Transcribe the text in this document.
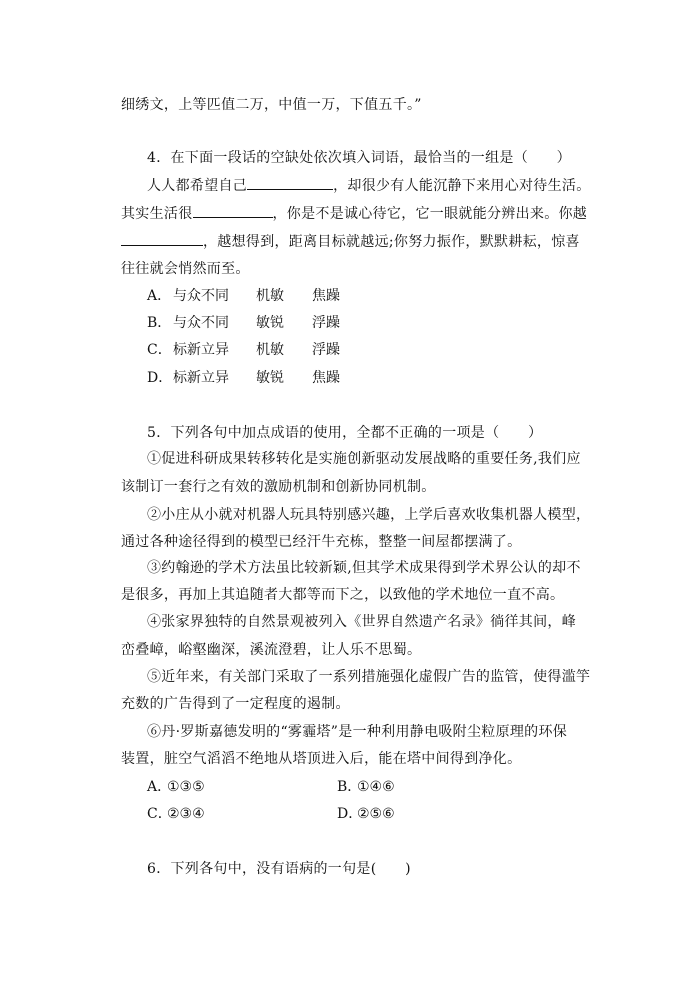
细绣文，上等匹值二万，中值一万，下值五千。”
4．在下面一段话的空缺处依次填入词语，最恰当的一组是（　　）
人人都希望自己	，却很少有人能沉静下来用心对待生活。
其实生活很	，你是不是诚心待它，它一眼就能分辨出来。你越
，越想得到，距离目标就越远;你努力振作，默默耕耘，惊喜
往往就会悄然而至。
A． 与众不同 机敏 焦躁
B． 与众不同 敏锐 浮躁
C．标新立异 机敏 浮躁
D．标新立异 敏锐 焦躁
5．下列各句中加点成语的使用，全都不正确的一项是（　　）
①促进科研成果转移转化是实施创新驱动发展战略的重要任务,我们应
该制订一套行之有效的激励机制和创新协同机制。
②小庄从小就对机器人玩具特别感兴趣，上学后喜欢收集机器人模型，
通过各种途径得到的模型已经汗牛充栋，整整一间屋都摆满了。
③约翰逊的学术方法虽比较新颖,但其学术成果得到学术界公认的却不
是很多，再加上其追随者大都等而下之，以致他的学术地位一直不高。
④张家界独特的自然景观被列入《世界自然遗产名录》徜徉其间，峰
峦叠嶂，峪壑幽深，溪流澄碧，让人乐不思蜀。
⑤近年来，有关部门采取了一系列措施强化虚假广告的监管，使得滥竽
充数的广告得到了一定程度的遏制。
⑥丹·罗斯嘉德发明的“雾霾塔”是一种利用静电吸附尘粒原理的环保
装置，脏空气滔滔不绝地从塔顶进入后，能在塔中间得到净化。
A．①③⑤	B．①④⑥
C．②③④	D．②⑤⑥
6．下列各句中，没有语病的一句是(　　)
